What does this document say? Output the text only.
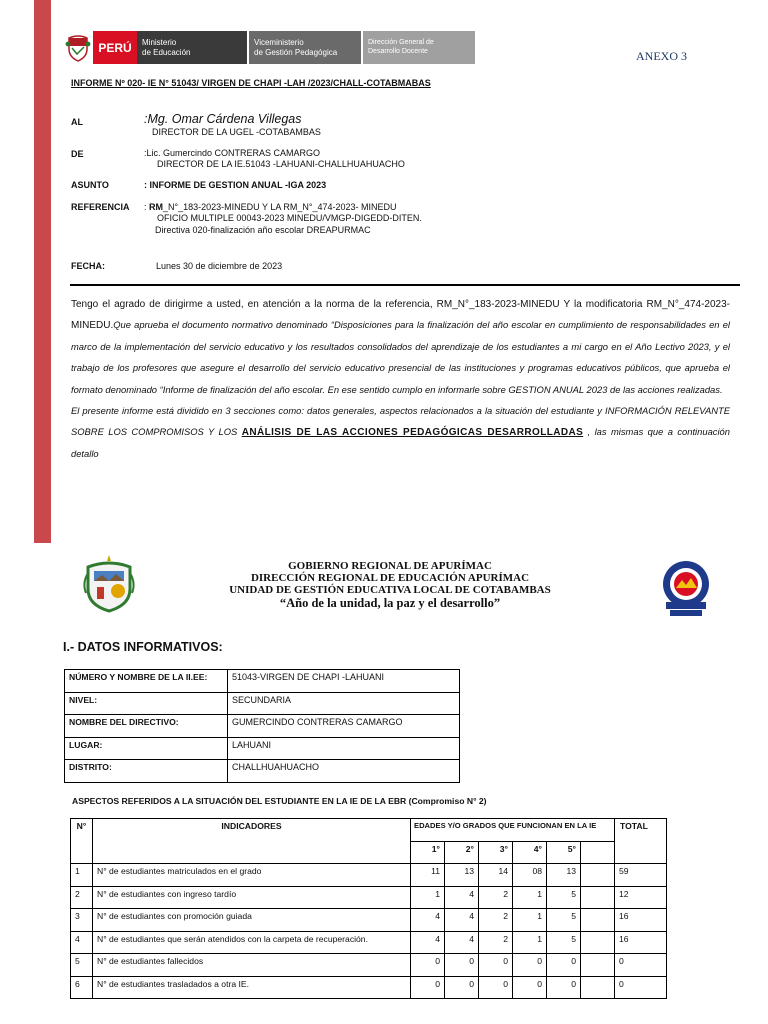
PERÚ	Ministerio
de Educación
Viceministerio
de Gestión Pedagógica
Dirección General de
Desarrollo Docente	ANEXO 3
INFORME Nº 020- IE N° 51043/ VIRGEN DE CHAPI -LAH /2023/CHALL-COTABMABAS
AL	:Mg. Omar Cárdena Villegas
DIRECTOR DE LA UGEL -COTABAMBAS
DE	:Lic. Gumercindo CONTRERAS CAMARGO
DIRECTOR DE LA IE.51043 -LAHUANI-CHALLHUAHUACHO
ASUNTO	: INFORME DE GESTION ANUAL -IGA 2023
REFERENCIA : RM_N°_183-2023-MINEDU Y LA RM_N°_474-2023- MINEDU
OFICIO MULTIPLE 00043-2023 MINEDU/VMGP-DIGEDD-DITEN.
Directiva 020-finalización año escolar DREAPURMAC
FECHA:	Lunes 30 de diciembre de 2023
Tengo el agrado de dirigirme a usted, en atención a la norma de la referencia, RM_N°_183-2023-MINEDU Y la modificatoria RM_N°_474-2023- MINEDU.Que aprueba el documento normativo denominado “Disposiciones para la finalización del año escolar en cumplimiento de responsabilidades en el marco de la implementación del servicio educativo y los resultados consolidados del aprendizaje de los estudiantes a mi cargo en el Año Lectivo 2023, y el trabajo de los profesores que asegure el desarrollo del servicio educativo presencial de las instituciones y programas educativos públicos, que aprueba el formato denominado “Informe de finalización del año escolar. En ese sentido cumplo en informarle sobre GESTION ANUAL 2023 de las acciones realizadas.
El presente informe está dividido en 3 secciones como: datos generales, aspectos relacionados a la situación del estudiante y INFORMACIÓN RELEVANTE SOBRE LOS COMPROMISOS Y LOS ANÁLISIS DE LAS ACCIONES PEDAGÓGICAS DESARROLLADAS , las mismas que a continuación detallo
GOBIERNO REGIONAL DE APURÍMAC
DIRECCIÓN REGIONAL DE EDUCACIÓN APURÍMAC
UNIDAD DE GESTIÓN EDUCATIVA LOCAL DE COTABAMBAS
“Año de la unidad, la paz y el desarrollo”
I.- DATOS INFORMATIVOS:
NÚMERO Y NOMBRE DE LA II.EE:	51043-VIRGEN DE CHAPI -LAHUANI
NIVEL:	SECUNDARIA
NOMBRE DEL DIRECTIVO:	GUMERCINDO CONTRERAS CAMARGO
LUGAR:	LAHUANI
DISTRITO:	CHALLHUAHUACHO
ASPECTOS REFERIDOS A LA SITUACIÓN DEL ESTUDIANTE EN LA IE DE LA EBR (Compromiso N° 2)
N°	INDICADORES	EDADES Y/O GRADOS QUE FUNCIONAN EN LA IE						TOTAL
		1°	2°	3°	4°	5°		
1	N° de estudiantes matriculados en el grado	11	13	14	08	13		59
2	N° de estudiantes con ingreso tardío	1	4	2	1	5		12
3	N° de estudiantes con promoción guiada	4	4	2	1	5		16
4	N° de estudiantes que serán atendidos con la carpeta de recuperación.	4	4	2	1	5		16
5	N° de estudiantes fallecidos	0	0	0	0	0		0
6	N° de estudiantes trasladados a otra IE.	0	0	0	0	0		0
